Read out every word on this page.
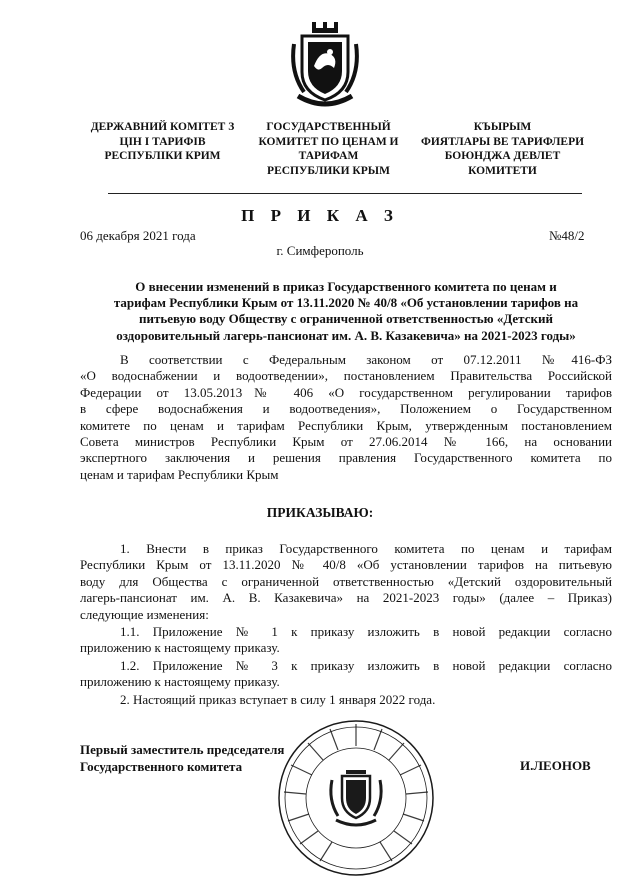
ДЕРЖАВНИЙ КОМІТЕТ З
ЦІН І ТАРИФІВ
РЕСПУБЛІКИ КРИМ
ГОСУДАРСТВЕННЫЙ
КОМИТЕТ ПО ЦЕНАМ И
ТАРИФАМ
РЕСПУБЛИКИ КРЫМ
КЪЫРЫМ
ФИЯТЛАРЫ ВЕ ТАРИФЛЕРИ
БОЮНДЖА ДЕВЛЕТ
КОМИТЕТИ
П Р И К А З
06 декабря 2021 года	№48/2
г. Симферополь
О внесении изменений в приказ Государственного комитета по ценам и
тарифам Республики Крым от 13.11.2020 № 40/8 «Об установлении тарифов на
питьевую воду Обществу с ограниченной ответственностью «Детский
оздоровительный лагерь-пансионат им. А. В. Казакевича» на 2021-2023 годы»
В соответствии с Федеральным законом от 07.12.2011 №416-ФЗ
«О водоснабжении и водоотведении», постановлением Правительства Российской
Федерации от 13.05.2013№ 406 «О государственном регулировании тарифов
в сфере водоснабжения и водоотведения», Положением о Государственном
комитете по ценам и тарифам Республики Крым, утвержденным постановлением
Совета министров Республики Крым от 27.06.2014 № 166, на основании
экспертного заключения и решения правления Государственного комитета по
ценам и тарифам Республики Крым
ПРИКАЗЫВАЮ:
1. Внести в приказ Государственного комитета по ценам и тарифам
Республики Крым от 13.11.2020 № 40/8 «Об установлении тарифов на питьевую
воду для Общества с ограниченной ответственностью «Детский оздоровительный
лагерь-пансионат им. А. В. Казакевича» на 2021-2023 годы» (далее – Приказ)
следующие изменения:
1.1. Приложение № 1 к приказу изложить в новой редакции согласно
приложению к настоящему приказу.
1.2. Приложение № 3 к приказу изложить в новой редакции согласно
приложению к настоящему приказу.
2. Настоящий приказ вступает в силу 1 января 2022 года.
Первый заместитель председателя
Государственного комитета	И.ЛЕОНОВ
